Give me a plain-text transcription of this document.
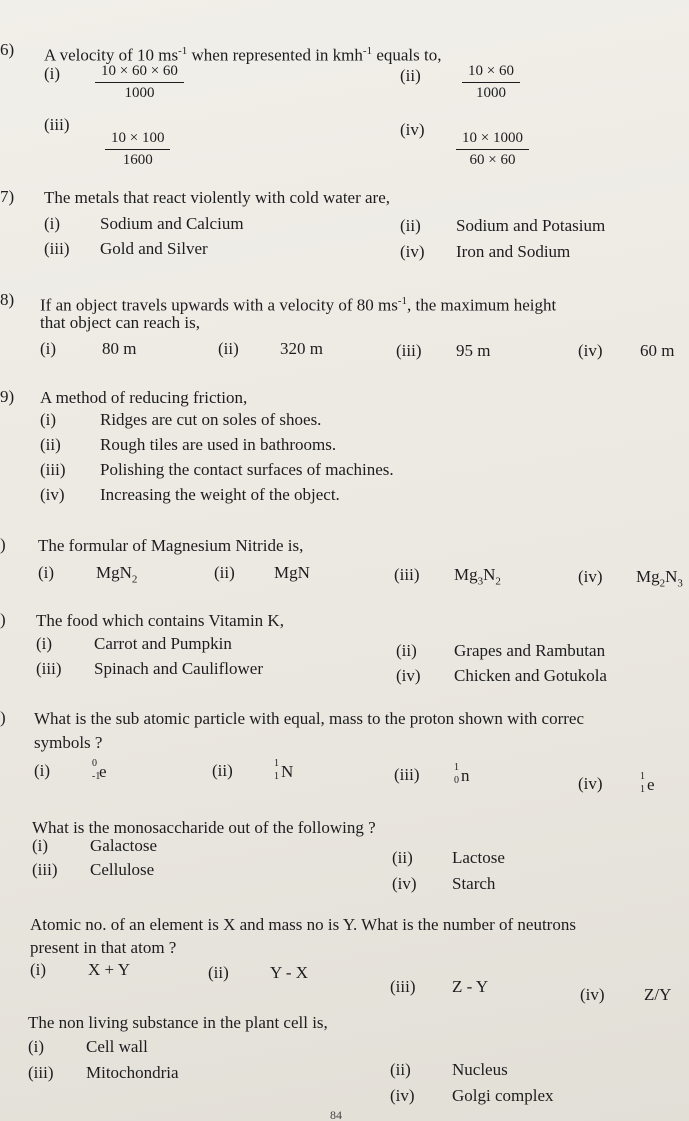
6) A velocity of 10 $ms^{-1}$ when represented in kmh$^{-1}$ equals to,
$(i) \frac{10 \times 60 \times 60}{1000}$	(ii)	$\frac{10 \times 60}{1000}$
(iii)
$\frac{10 \times 100}{1600}$
(iv)
$\frac{10 \times 1000}{60 \times 60}$
7) The metals that react violently with cold water are,
(i) Sodium and Calcium	(ii) Sodium and Potasium
(iii) Gold and Silver	(iv) Iron and Sodium
8) If an object travels upwards with a velocity of 80 $ms^{-1}$, the maximum height
that object can reach is,
(i)	80 m	(ii) 320 m	(iii) 95 m	(iv) 60 m
9) A method of reducing friction,
(i)	Ridges are cut on soles of shoes.
(ii) Rough tiles are used in bathrooms.
(iii) Polishing the contact surfaces of machines.
(iv) Increasing the weight of the object.
) The formular of Magnesium Nitride is,
(i) MgN$_2$	(ii) MgN	(iii) $Mg_3N_2$	(iv) $Mg_2N_3$
) The food which contains Vitamin K,
(i) Carrot and Pumpkin	(ii) Grapes and Rambutan
(iii) Spinach and Cauliflower	(iv) Chicken and Gotukola
) What is the sub atomic particle with equal, mass to the proton shown with correc
symbols ?
(i)	0
-1
e	(ii)	1
1 N	(iii)	1
0 n	(iv)	1
1 e
What is the monosaccharide out of the following ?
(i) Galactose
(ii) Lactose
(iii) Cellulose
(iv) Starch
Atomic no. of an element is X and mass no is Y. What is the number of neutrons
present in that atom ?
(i) X + Y	(ii) Y - X
(iii) Z - Y	(iv) Z/Y
The non living substance in the plant cell is,
(i) Cell wall
(ii) Nucleus
(iii) Mitochondria
(iv) Golgi complex
84
